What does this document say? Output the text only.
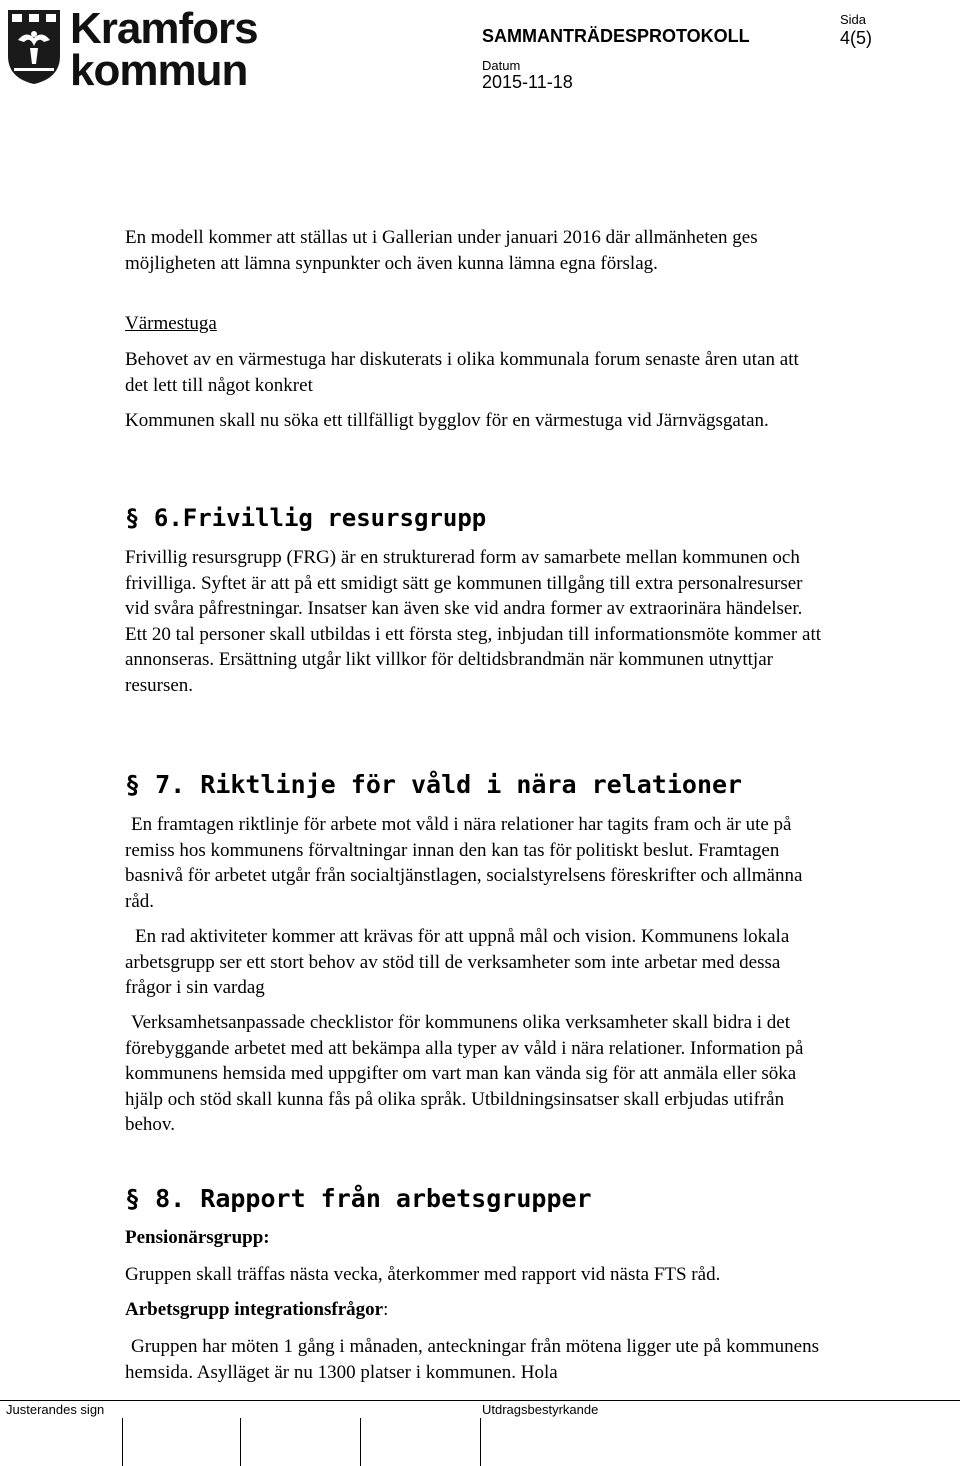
Kramfors
kommun
SAMMANTRÄDESPROTOKOLL
Datum
2015-11-18
Sida
4(5)
En modell kommer att ställas ut i Gallerian under januari 2016 där allmänheten ges möjligheten att lämna synpunkter och även kunna lämna egna förslag.
Värmestuga
Behovet av en värmestuga har diskuterats i olika kommunala forum senaste åren utan att det lett till något konkret
Kommunen skall nu söka ett tillfälligt bygglov för en värmestuga vid Järnvägsgatan.
§ 6.Frivillig resursgrupp
Frivillig resursgrupp (FRG) är en strukturerad form av samarbete mellan kommunen och frivilliga. Syftet är att på ett smidigt sätt ge kommunen tillgång till extra personalresurser vid svåra påfrestningar. Insatser kan även ske vid andra former av extraorinära händelser. Ett 20 tal personer skall utbildas i ett första steg, inbjudan till informationsmöte kommer att annonseras. Ersättning utgår likt villkor för deltidsbrandmän när kommunen utnyttjar resursen.
§ 7. Riktlinje för våld i nära relationer
En framtagen riktlinje för arbete mot våld i nära relationer har tagits fram och är ute på remiss hos kommunens förvaltningar innan den kan tas för politiskt beslut. Framtagen basnivå för arbetet utgår från socialtjänstlagen, socialstyrelsens föreskrifter och allmänna råd.
En rad aktiviteter kommer att krävas för att uppnå mål och vision. Kommunens lokala arbetsgrupp ser ett stort behov av stöd till de verksamheter som inte arbetar med dessa frågor i sin vardag
Verksamhetsanpassade checklistor för kommunens olika verksamheter skall bidra i det förebyggande arbetet med att bekämpa alla typer av våld i nära relationer. Information på kommunens hemsida med uppgifter om vart man kan vända sig för att anmäla eller söka hjälp och stöd skall kunna fås på olika språk. Utbildningsinsatser skall erbjudas utifrån behov.
§ 8. Rapport från arbetsgrupper
Pensionärsgrupp:
Gruppen skall träffas nästa vecka, återkommer med rapport vid nästa FTS råd.
Arbetsgrupp integrationsfrågor:
Gruppen har möten 1 gång i månaden, anteckningar från mötena ligger ute på kommunens hemsida. Asylläget är nu 1300 platser i kommunen. Hola
Justerandes sign	Utdragsbestyrkande
